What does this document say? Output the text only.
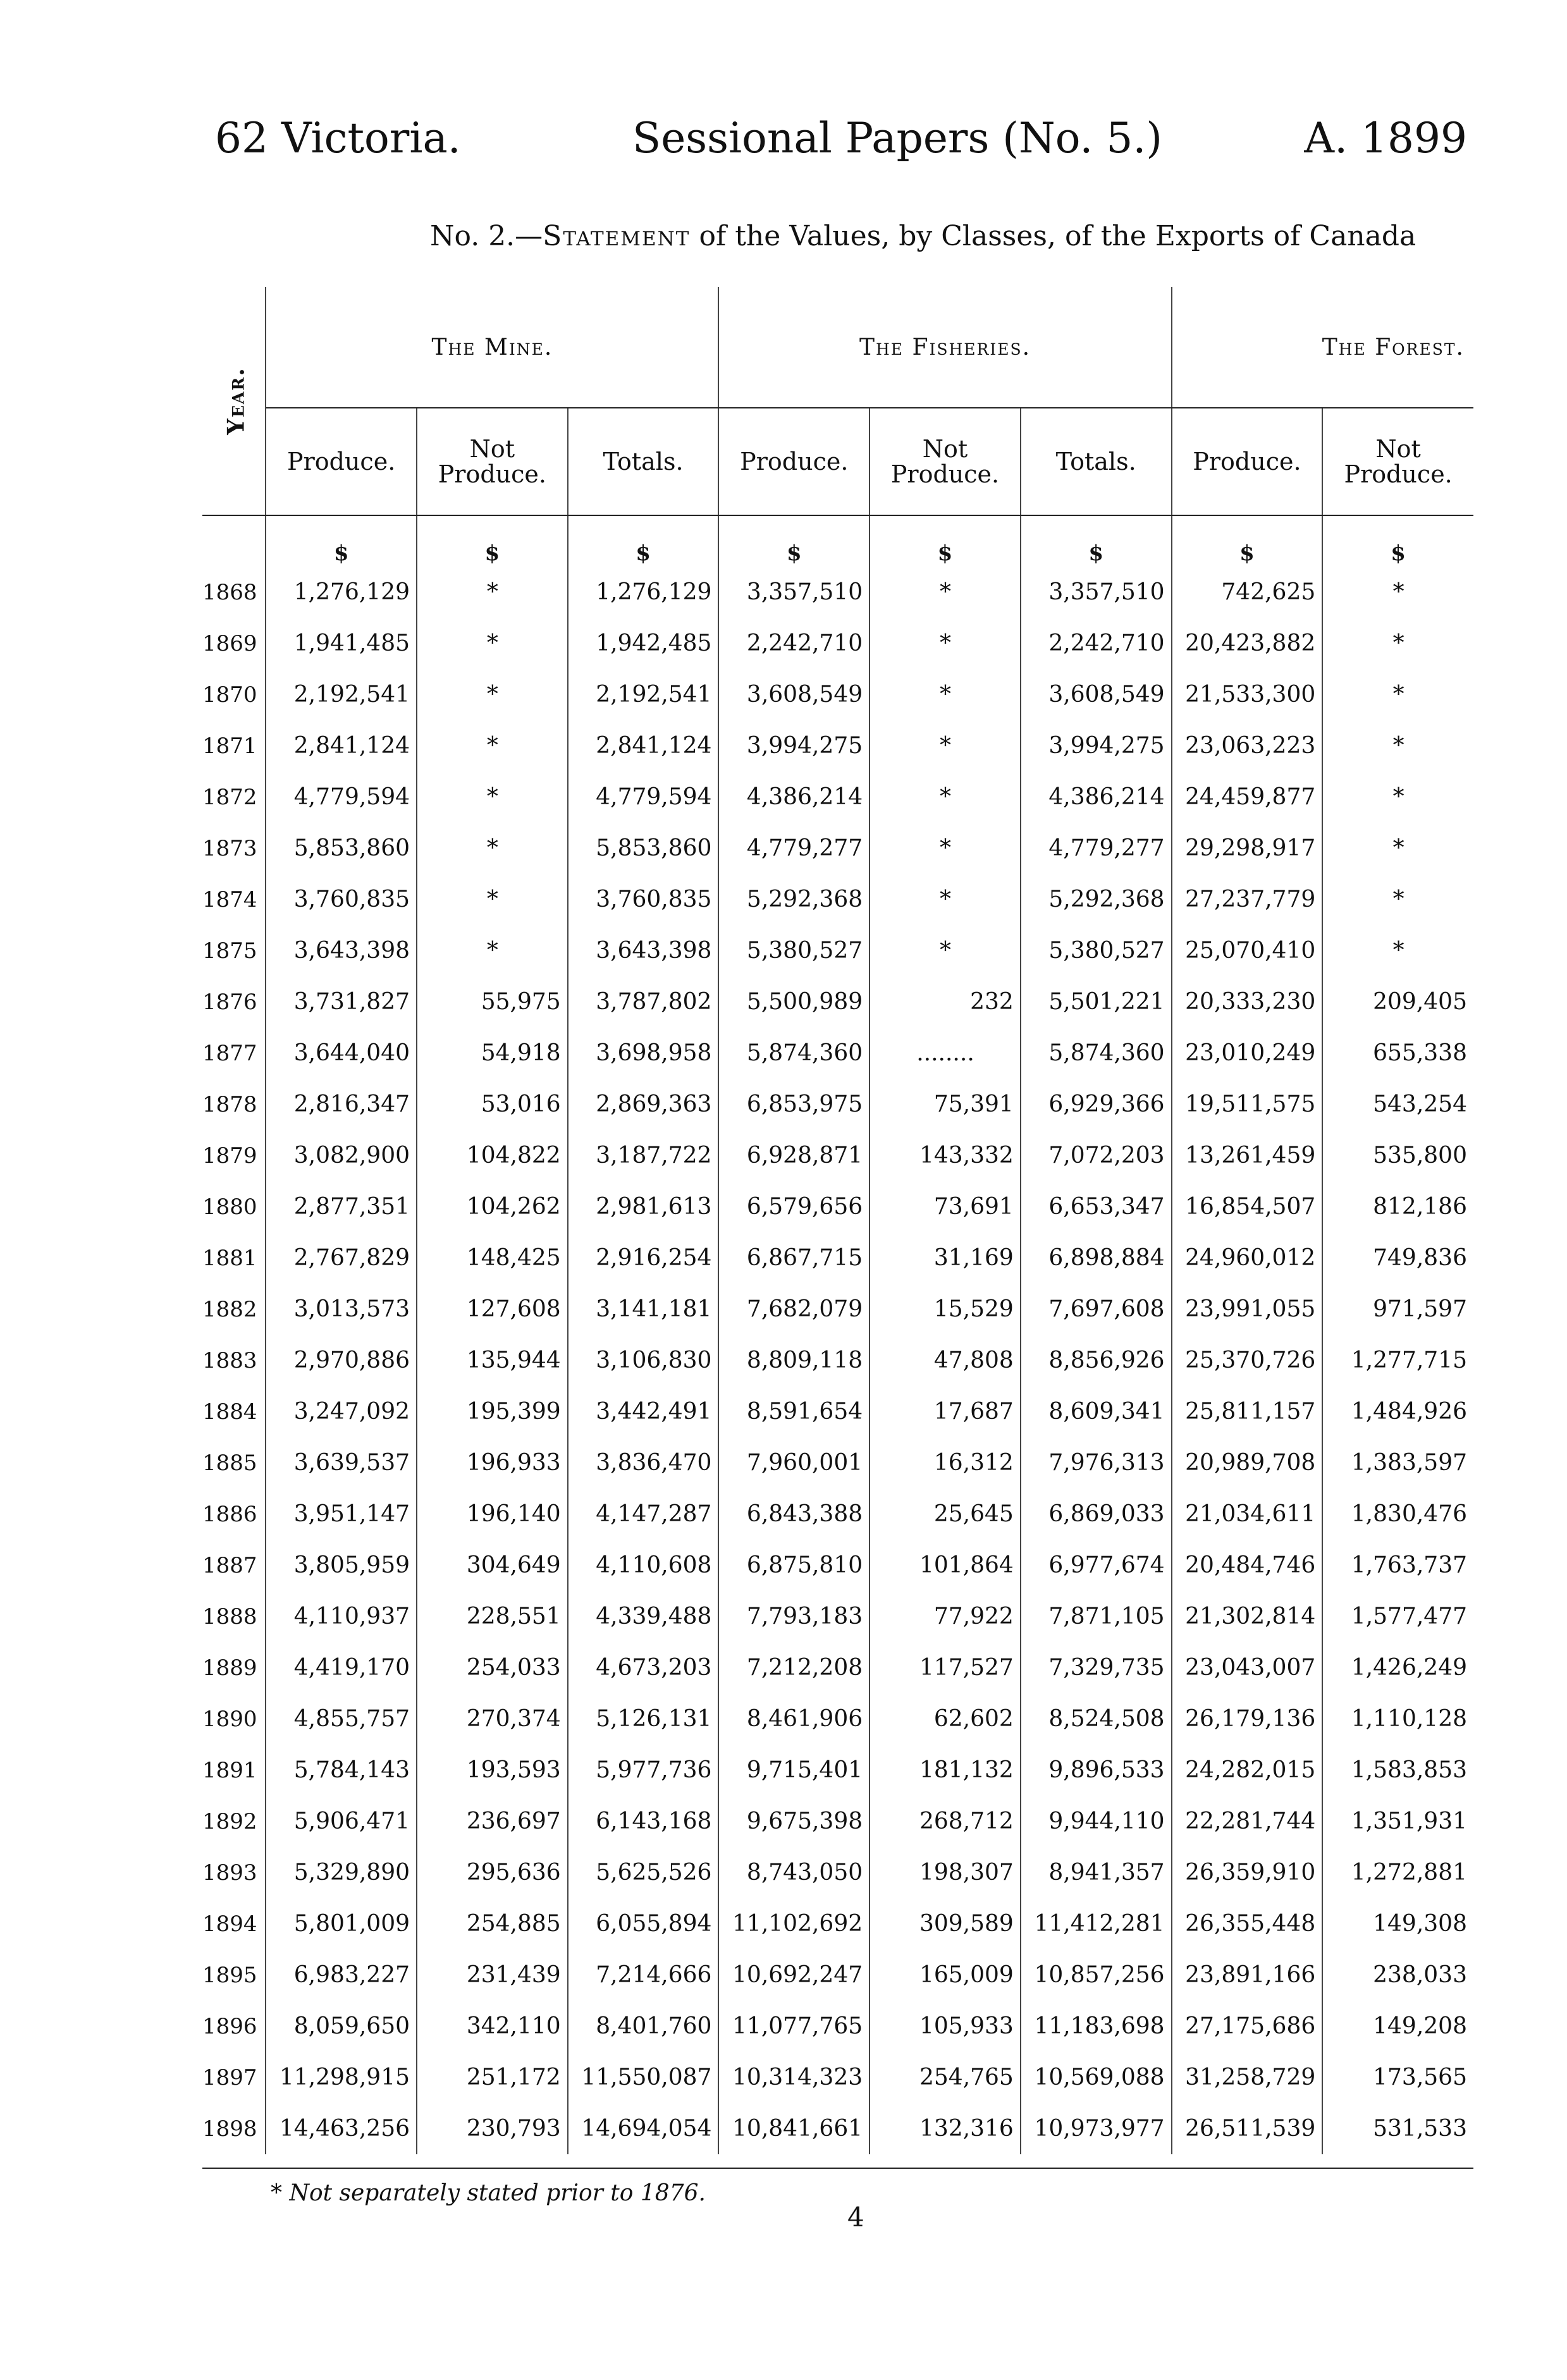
62 Victoria.	Sessional Papers (No. 5.)	A. 1899
No. 2.—Statement of the Values, by Classes, of the Exports of Canada
Year.	The Mine.			The Fisheries.			The Forest.	
	Produce.	Not Produce.	Totals.	Produce.	Not Produce.	Totals.	Produce.	Not Produce.
	$	$	$	$	$	$	$	$
1868	1,276,129	*	1,276,129	3,357,510	*	3,357,510	742,625	*
1869	1,941,485	*	1,942,485	2,242,710	*	2,242,710	20,423,882	*
1870	2,192,541	*	2,192,541	3,608,549	*	3,608,549	21,533,300	*
1871	2,841,124	*	2,841,124	3,994,275	*	3,994,275	23,063,223	*
1872	4,779,594	*	4,779,594	4,386,214	*	4,386,214	24,459,877	*
1873	5,853,860	*	5,853,860	4,779,277	*	4,779,277	29,298,917	*
1874	3,760,835	*	3,760,835	5,292,368	*	5,292,368	27,237,779	*
1875	3,643,398	*	3,643,398	5,380,527	*	5,380,527	25,070,410	*
1876	3,731,827	55,975	3,787,802	5,500,989	232	5,501,221	20,333,230	209,405
1877	3,644,040	54,918	3,698,958	5,874,360	........	5,874,360	23,010,249	655,338
1878	2,816,347	53,016	2,869,363	6,853,975	75,391	6,929,366	19,511,575	543,254
1879	3,082,900	104,822	3,187,722	6,928,871	143,332	7,072,203	13,261,459	535,800
1880	2,877,351	104,262	2,981,613	6,579,656	73,691	6,653,347	16,854,507	812,186
1881	2,767,829	148,425	2,916,254	6,867,715	31,169	6,898,884	24,960,012	749,836
1882	3,013,573	127,608	3,141,181	7,682,079	15,529	7,697,608	23,991,055	971,597
1883	2,970,886	135,944	3,106,830	8,809,118	47,808	8,856,926	25,370,726	1,277,715
1884	3,247,092	195,399	3,442,491	8,591,654	17,687	8,609,341	25,811,157	1,484,926
1885	3,639,537	196,933	3,836,470	7,960,001	16,312	7,976,313	20,989,708	1,383,597
1886	3,951,147	196,140	4,147,287	6,843,388	25,645	6,869,033	21,034,611	1,830,476
1887	3,805,959	304,649	4,110,608	6,875,810	101,864	6,977,674	20,484,746	1,763,737
1888	4,110,937	228,551	4,339,488	7,793,183	77,922	7,871,105	21,302,814	1,577,477
1889	4,419,170	254,033	4,673,203	7,212,208	117,527	7,329,735	23,043,007	1,426,249
1890	4,855,757	270,374	5,126,131	8,461,906	62,602	8,524,508	26,179,136	1,110,128
1891	5,784,143	193,593	5,977,736	9,715,401	181,132	9,896,533	24,282,015	1,583,853
1892	5,906,471	236,697	6,143,168	9,675,398	268,712	9,944,110	22,281,744	1,351,931
1893	5,329,890	295,636	5,625,526	8,743,050	198,307	8,941,357	26,359,910	1,272,881
1894	5,801,009	254,885	6,055,894	11,102,692	309,589	11,412,281	26,355,448	149,308
1895	6,983,227	231,439	7,214,666	10,692,247	165,009	10,857,256	23,891,166	238,033
1896	8,059,650	342,110	8,401,760	11,077,765	105,933	11,183,698	27,175,686	149,208
1897	11,298,915	251,172	11,550,087	10,314,323	254,765	10,569,088	31,258,729	173,565
1898	14,463,256	230,793	14,694,054	10,841,661	132,316	10,973,977	26,511,539	531,533
* Not separately stated prior to 1876.
4
